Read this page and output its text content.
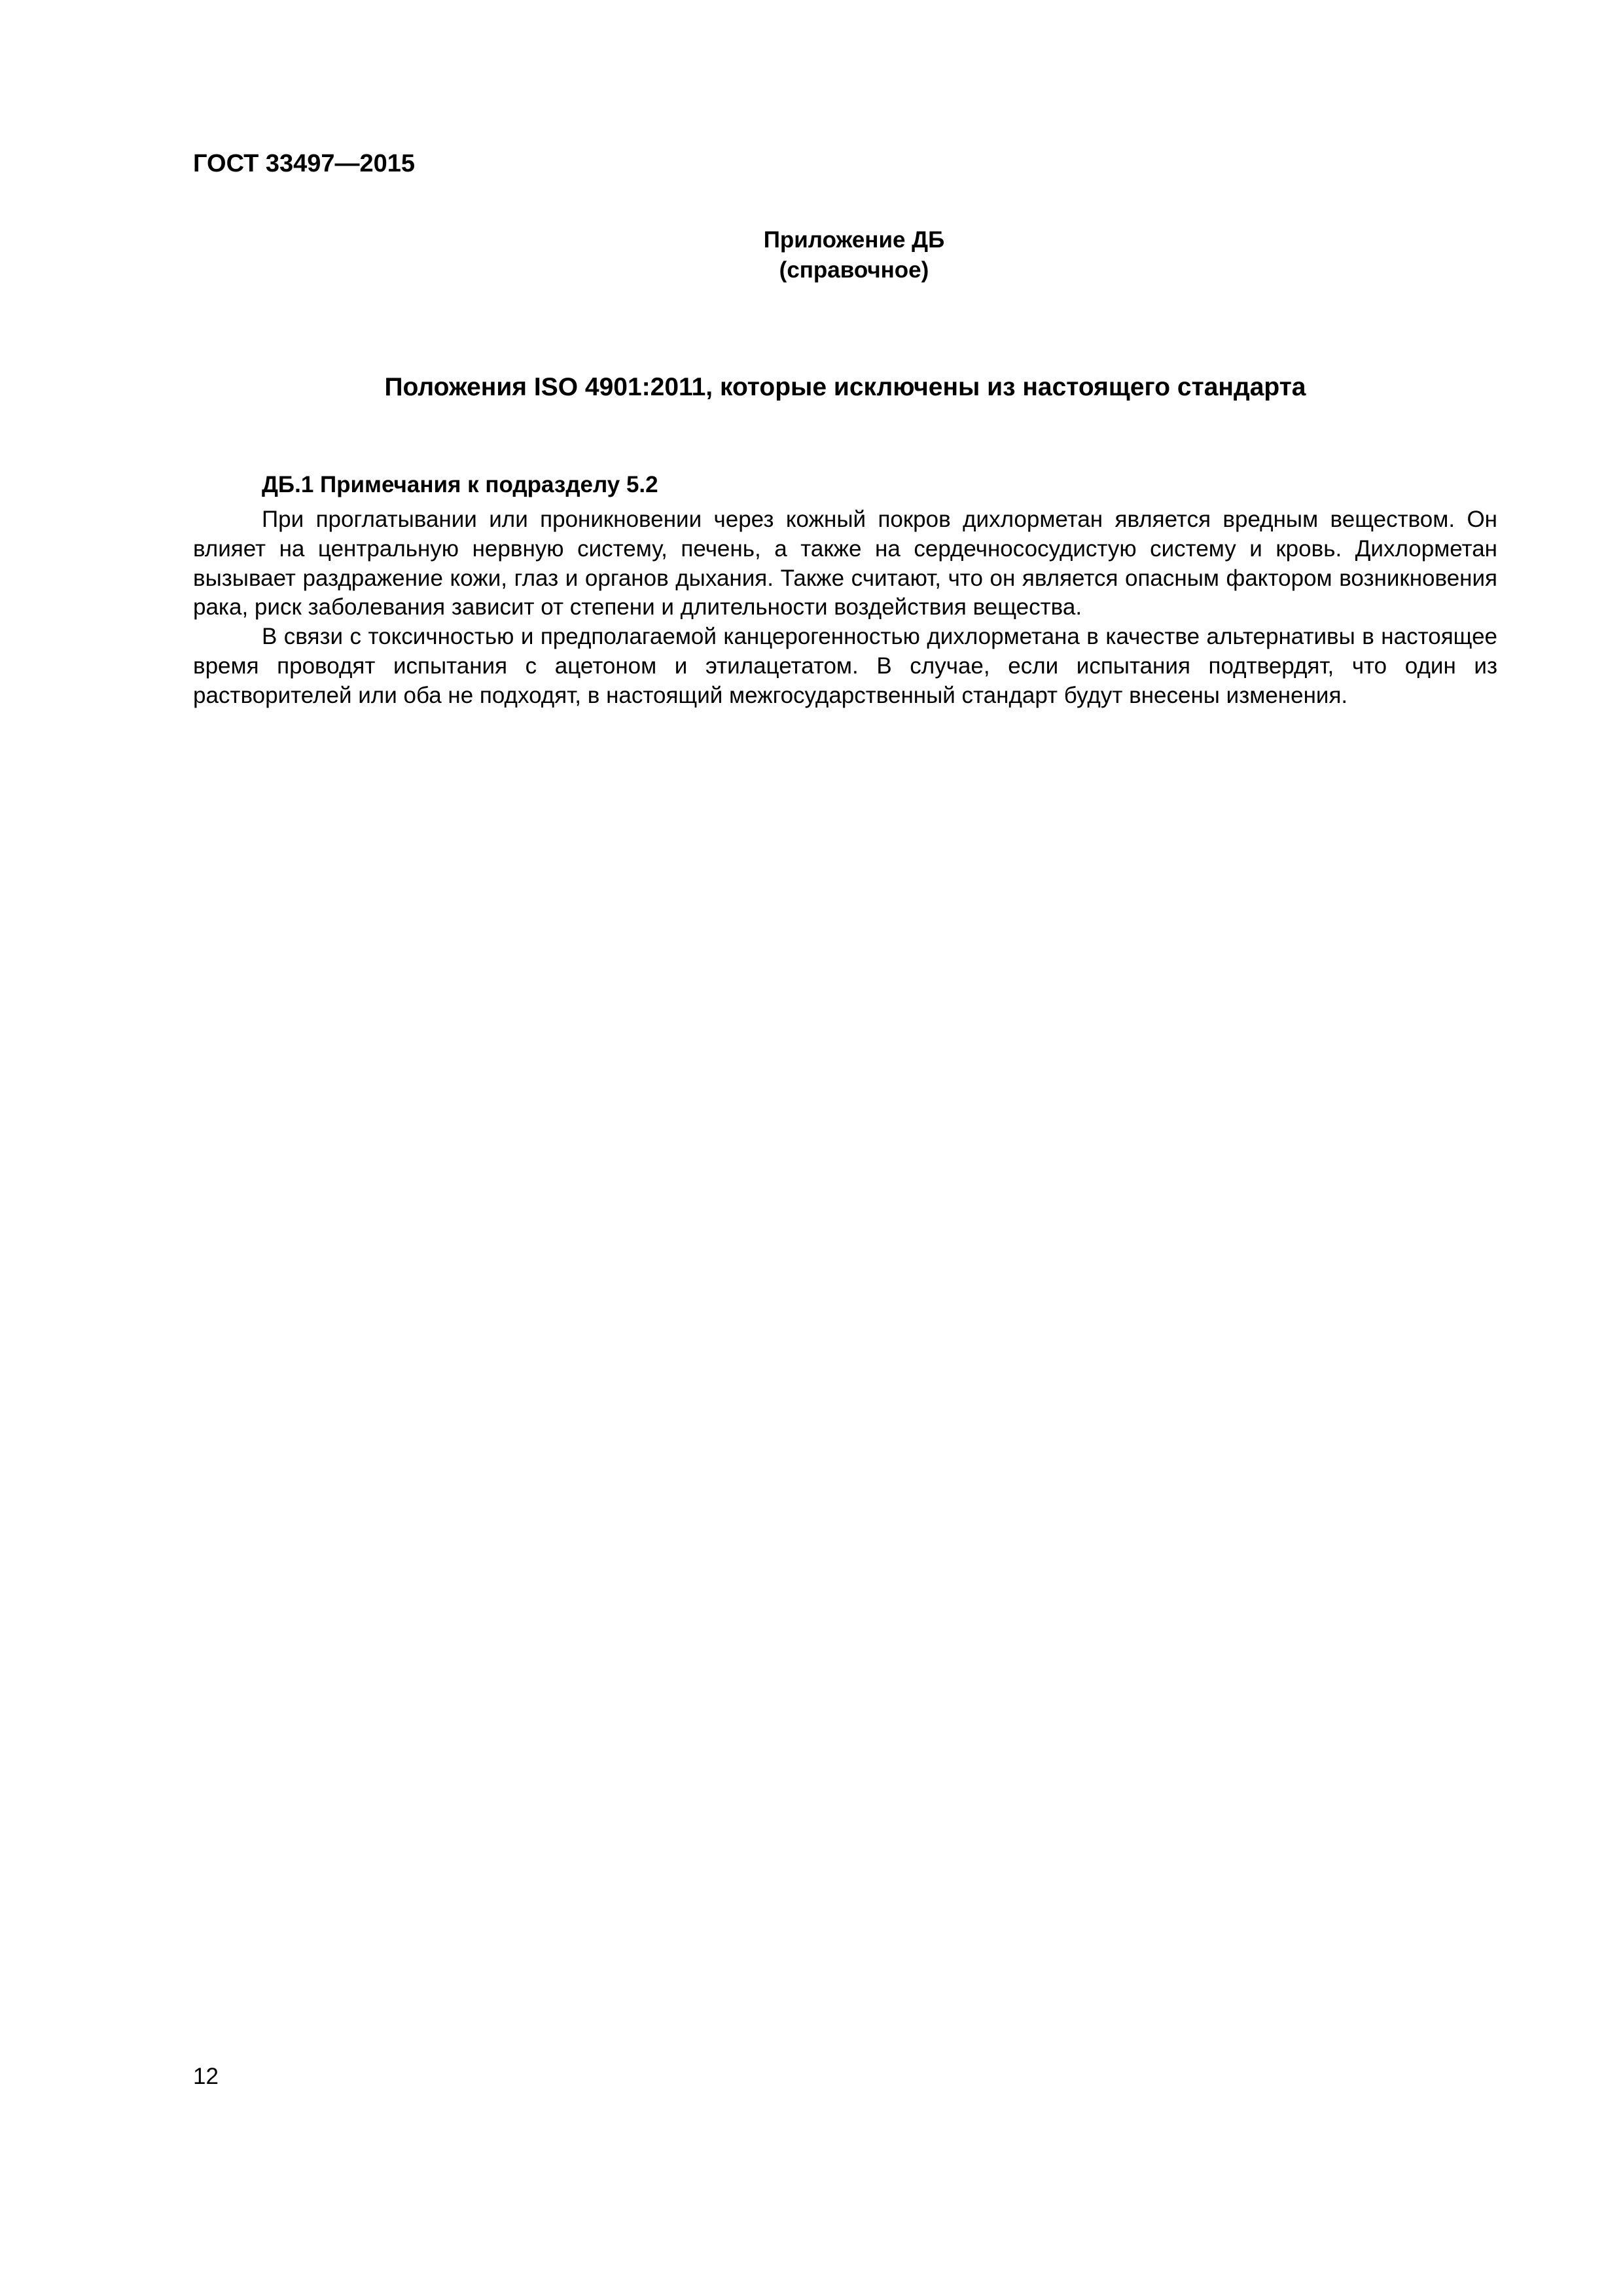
ГОСТ 33497—2015
Приложение ДБ
(справочное)
Положения ISO 4901:2011, которые исключены из настоящего стандарта
ДБ.1 Примечания к подразделу 5.2

При проглатывании или проникновении через кожный покров дихлорметан является вредным веществом. Он влияет на центральную нервную систему, печень, а также на сердечнососудистую систему и кровь. Дихлорметан вызывает раздражение кожи, глаз и органов дыхания. Также считают, что он является опасным фактором возникновения рака, риск заболевания зависит от степени и длительности воздействия вещества.

В связи с токсичностью и предполагаемой канцерогенностью дихлорметана в качестве альтернативы в настоящее время проводят испытания с ацетоном и этилацетатом. В случае, если испытания подтвердят, что один из растворителей или оба не подходят, в настоящий межгосударственный стандарт будут внесены изменения.

12
